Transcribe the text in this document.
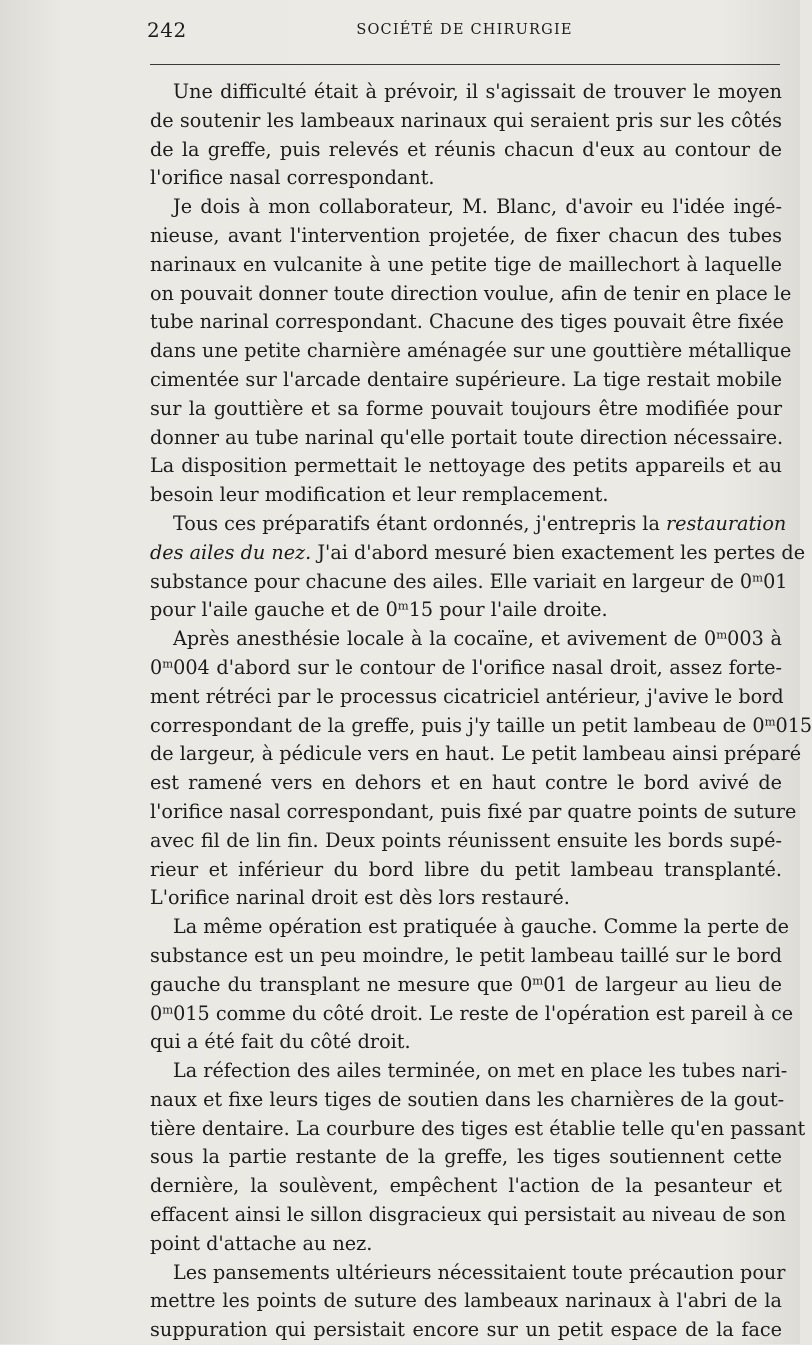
242	SOCIÉTÉ DE CHIRURGIE
Une difficulté était à prévoir, il s'agissait de trouver le moyen
de soutenir les lambeaux narinaux qui seraient pris sur les côtés
de la greffe, puis relevés et réunis chacun d'eux au contour de
l'orifice nasal correspondant.
Je dois à mon collaborateur, M. Blanc, d'avoir eu l'idée ingé-
nieuse, avant l'intervention projetée, de fixer chacun des tubes
narinaux en vulcanite à une petite tige de maillechort à laquelle
on pouvait donner toute direction voulue, afin de tenir en place le
tube narinal correspondant. Chacune des tiges pouvait être fixée
dans une petite charnière aménagée sur une gouttière métallique
cimentée sur l'arcade dentaire supérieure. La tige restait mobile
sur la gouttière et sa forme pouvait toujours être modifiée pour
donner au tube narinal qu'elle portait toute direction nécessaire.
La disposition permettait le nettoyage des petits appareils et au
besoin leur modification et leur remplacement.
Tous ces préparatifs étant ordonnés, j'entrepris la restauration
des ailes du nez. J'ai d'abord mesuré bien exactement les pertes de
substance pour chacune des ailes. Elle variait en largeur de 0$^m$01
pour l'aile gauche et de 0$^m$15 pour l'aile droite.
Après anesthésie locale à la cocaïne, et avivement de 0$^m$003 à
0$^m$004 d'abord sur le contour de l'orifice nasal droit, assez forte-
ment rétréci par le processus cicatriciel antérieur, j'avive le bord
correspondant de la greffe, puis j'y taille un petit lambeau de 0$^m$015
de largeur, à pédicule vers en haut. Le petit lambeau ainsi préparé
est ramené vers en dehors et en haut contre le bord avivé de
l'orifice nasal correspondant, puis fixé par quatre points de suture
avec fil de lin fin. Deux points réunissent ensuite les bords supé-
rieur et inférieur du bord libre du petit lambeau transplanté.
L'orifice narinal droit est dès lors restauré.
La même opération est pratiquée à gauche. Comme la perte de
substance est un peu moindre, le petit lambeau taillé sur le bord
gauche du transplant ne mesure que 0$^m$01 de largeur au lieu de
0$^m$015 comme du côté droit. Le reste de l'opération est pareil à ce
qui a été fait du côté droit.
La réfection des ailes terminée, on met en place les tubes nari-
naux et fixe leurs tiges de soutien dans les charnières de la gout-
tière dentaire. La courbure des tiges est établie telle qu'en passant
sous la partie restante de la greffe, les tiges soutiennent cette
dernière, la soulèvent, empêchent l'action de la pesanteur et
effacent ainsi le sillon disgracieux qui persistait au niveau de son
point d'attache au nez.
Les pansements ultérieurs nécessitaient toute précaution pour
mettre les points de suture des lambeaux narinaux à l'abri de la
suppuration qui persistait encore sur un petit espace de la face
